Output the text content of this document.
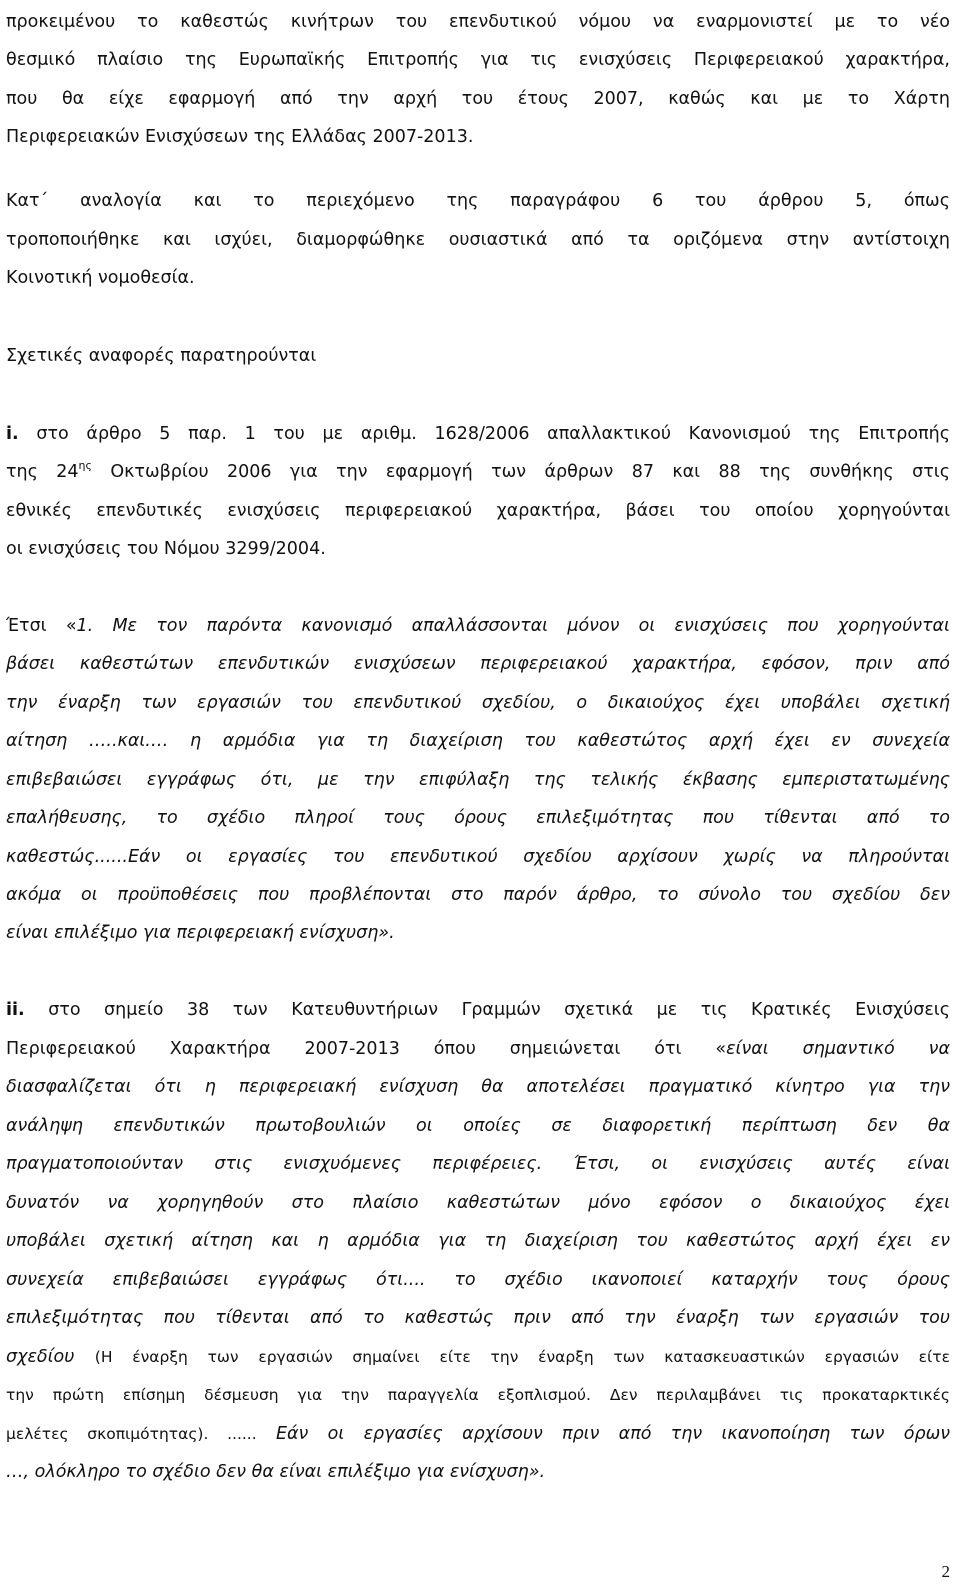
προκειμένου το καθεστώς κινήτρων του επενδυτικού νόμου να εναρμονιστεί με το νέο
θεσμικό πλαίσιο της Ευρωπαϊκής Επιτροπής για τις ενισχύσεις Περιφερειακού χαρακτήρα,
που θα είχε εφαρμογή από την αρχή του έτους 2007, καθώς και με το Χάρτη
Περιφερειακών Ενισχύσεων της Ελλάδας 2007-2013.
Κατ΄ αναλογία και το περιεχόμενο της παραγράφου 6 του άρθρου 5, όπως
τροποποιήθηκε και ισχύει, διαμορφώθηκε ουσιαστικά από τα οριζόμενα στην αντίστοιχη
Κοινοτική νομοθεσία.
Σχετικές αναφορές παρατηρούνται
i. στο άρθρο 5 παρ. 1 του με αριθμ. 1628/2006 απαλλακτικού Κανονισμού της Επιτροπής
της $24^{\eta\varsigma}$ Οκτωβρίου 2006 για την εφαρμογή των άρθρων 87 και 88 της συνθήκης στις
εθνικές επενδυτικές ενισχύσεις περιφερειακού χαρακτήρα, βάσει του οποίου χορηγούνται
οι ενισχύσεις του Νόμου 3299/2004.
Έτσι «1. Με τον παρόντα κανονισμό απαλλάσσονται μόνον οι ενισχύσεις που χορηγούνται
βάσει καθεστώτων επενδυτικών ενισχύσεων περιφερειακού χαρακτήρα, εφόσον, πριν από
την έναρξη των εργασιών του επενδυτικού σχεδίου, ο δικαιούχος έχει υποβάλει σχετική
αίτηση …..και.… η αρμόδια για τη διαχείριση του καθεστώτος αρχή έχει εν συνεχεία
επιβεβαιώσει εγγράφως ότι, με την επιφύλαξη της τελικής έκβασης εμπεριστατωμένης
επαλήθευσης, το σχέδιο πληροί τους όρους επιλεξιμότητας που τίθενται από το
καθεστώς......Εάν οι εργασίες του επενδυτικού σχεδίου αρχίσουν χωρίς να πληρούνται
ακόμα οι προϋποθέσεις που προβλέπονται στο παρόν άρθρο, το σύνολο του σχεδίου δεν
είναι επιλέξιμο για περιφερειακή ενίσχυση».
ii. στο σημείο 38 των Κατευθυντήριων Γραμμών σχετικά με τις Κρατικές Ενισχύσεις
Περιφερειακού Χαρακτήρα 2007-2013 όπου σημειώνεται ότι «είναι σημαντικό να
διασφαλίζεται ότι η περιφερειακή ενίσχυση θα αποτελέσει πραγματικό κίνητρο για την
ανάληψη επενδυτικών πρωτοβουλιών οι οποίες σε διαφορετική περίπτωση δεν θα
πραγματοποιούνταν στις ενισχυόμενες περιφέρειες. Έτσι, οι ενισχύσεις αυτές είναι
δυνατόν να χορηγηθούν στο πλαίσιο καθεστώτων μόνο εφόσον ο δικαιούχος έχει
υποβάλει σχετική αίτηση και η αρμόδια για τη διαχείριση του καθεστώτος αρχή έχει εν
συνεχεία επιβεβαιώσει εγγράφως ότι.... το σχέδιο ικανοποιεί καταρχήν τους όρους
επιλεξιμότητας που τίθενται από το καθεστώς πριν από την έναρξη των εργασιών του
σχεδίου (Η έναρξη των εργασιών σημαίνει είτε την έναρξη των κατασκευαστικών εργασιών είτε
την πρώτη επίσημη δέσμευση για την παραγγελία εξοπλισμού. Δεν περιλαμβάνει τις προκαταρκτικές
μελέτες σκοπιμότητας). ...... Εάν οι εργασίες αρχίσουν πριν από την ικανοποίηση των όρων
…, ολόκληρο το σχέδιο δεν θα είναι επιλέξιμο για ενίσχυση».
2
